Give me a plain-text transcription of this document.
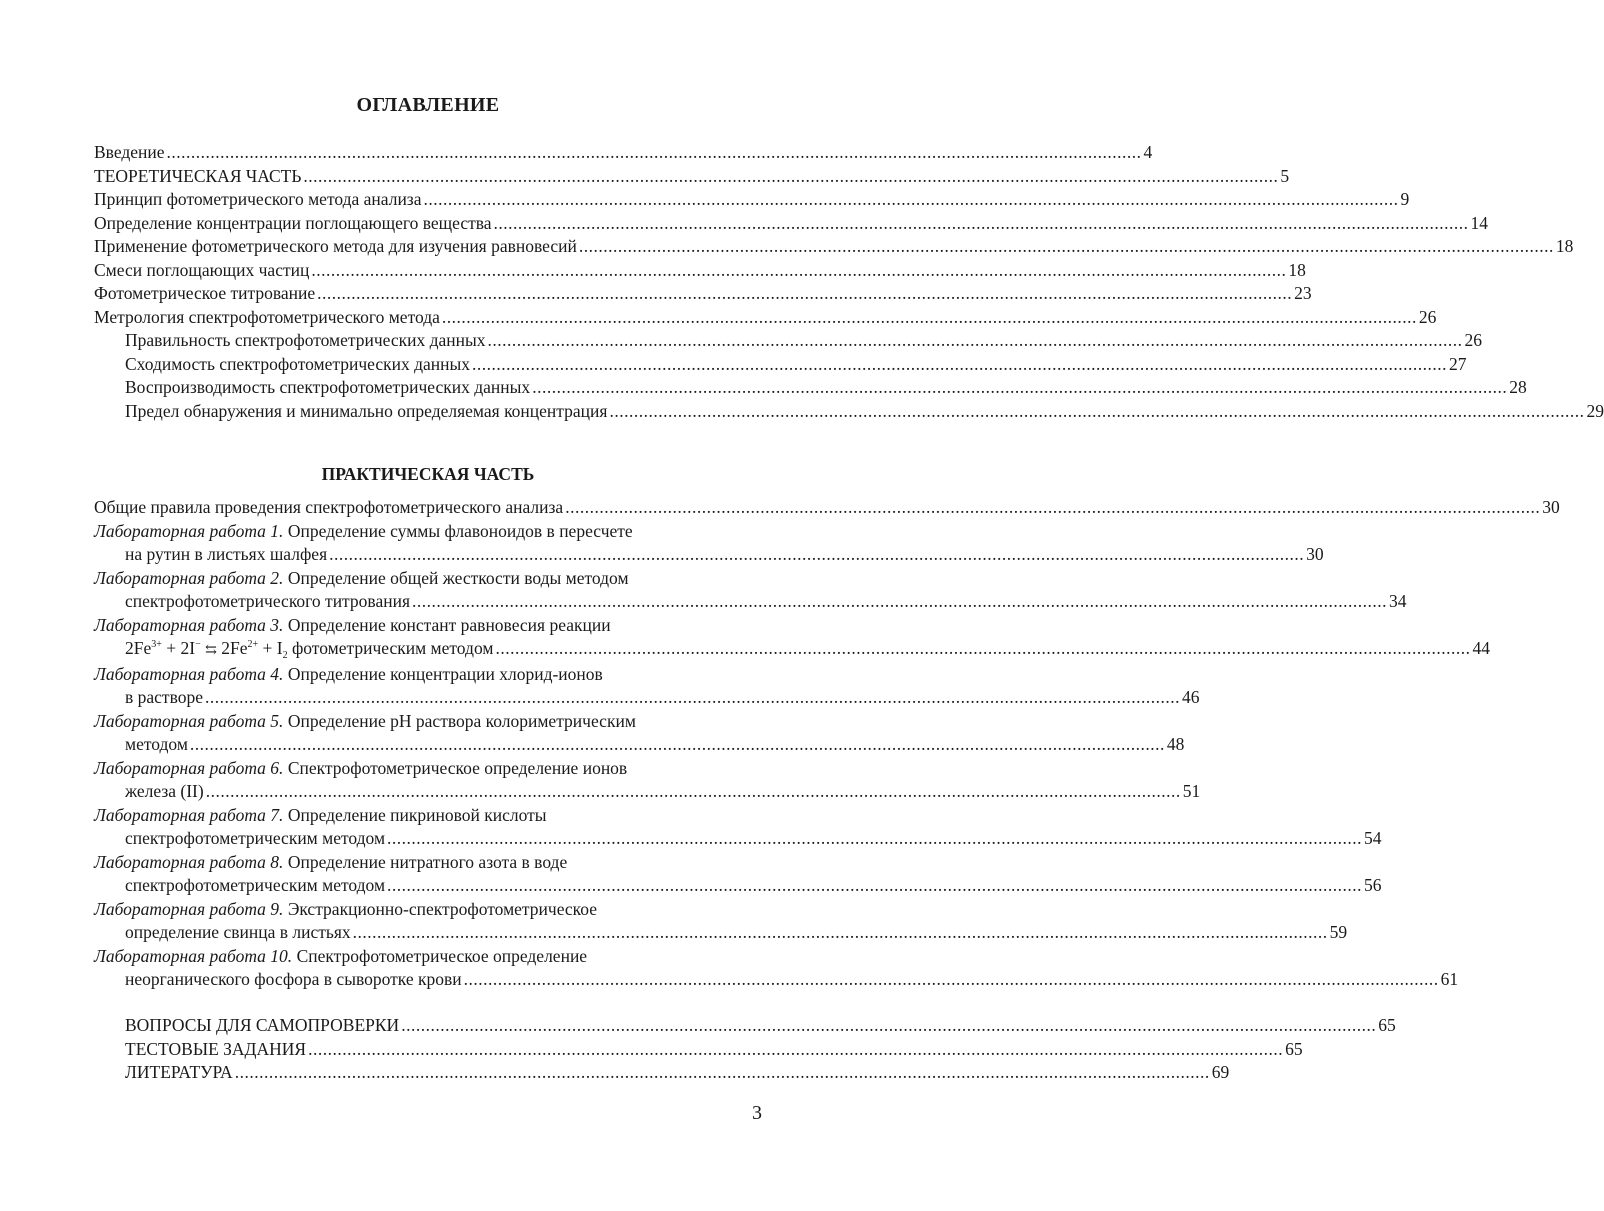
ОГЛАВЛЕНИЕ
Введение ........................................................................................................................................................................................................ 4
ТЕОРЕТИЧЕСКАЯ ЧАСТЬ ........................................................................................................................................................................................................ 5
Принцип фотометрического метода анализа ........................................................................................................................................................................................................ 9
Определение концентрации поглощающего вещества ........................................................................................................................................................................................................ 14
Применение фотометрического метода для изучения равновесий ........................................................................................................................................................................................................ 18
Смеси поглощающих частиц ........................................................................................................................................................................................................ 18
Фотометрическое титрование ........................................................................................................................................................................................................ 23
Метрология спектрофотометрического метода ........................................................................................................................................................................................................ 26
Правильность спектрофотометрических данных ........................................................................................................................................................................................................ 26
Сходимость спектрофотометрических данных ........................................................................................................................................................................................................ 27
Воспроизводимость спектрофотометрических данных ........................................................................................................................................................................................................ 28
Предел обнаружения и минимально определяемая концентрация ........................................................................................................................................................................................................ 29
ПРАКТИЧЕСКАЯ ЧАСТЬ
Общие правила проведения спектрофотометрического анализа ........................................................................................................................................................................................................ 30
Лабораторная работа 1. Определение суммы флавоноидов в пересчете
на рутин в листьях шалфея ........................................................................................................................................................................................................ 30
Лабораторная работа 2. Определение общей жесткости воды методом
спектрофотометрического титрования ........................................................................................................................................................................................................ 34
Лабораторная работа 3. Определение констант равновесия реакции
$2Fe^{3+} + 2I^-$ ⇆ $2Fe^{2+} + I_2$ фотометрическим методом ........................................................................................................................................................................................................ 44
Лабораторная работа 4. Определение концентрации хлорид-ионов
в растворе ........................................................................................................................................................................................................ 46
Лабораторная работа 5. Определение pH раствора колориметрическим
методом ........................................................................................................................................................................................................ 48
Лабораторная работа 6. Спектрофотометрическое определение ионов
железа (II) ........................................................................................................................................................................................................ 51
Лабораторная работа 7. Определение пикриновой кислоты
спектрофотометрическим методом ........................................................................................................................................................................................................ 54
Лабораторная работа 8. Определение нитратного азота в воде
спектрофотометрическим методом ........................................................................................................................................................................................................ 56
Лабораторная работа 9. Экстракционно-спектрофотометрическое
определение свинца в листьях ........................................................................................................................................................................................................ 59
Лабораторная работа 10. Спектрофотометрическое определение
неорганического фосфора в сыворотке крови ........................................................................................................................................................................................................ 61
ВОПРОСЫ ДЛЯ САМОПРОВЕРКИ ........................................................................................................................................................................................................ 65
ТЕСТОВЫЕ ЗАДАНИЯ ........................................................................................................................................................................................................ 65
ЛИТЕРАТУРА ........................................................................................................................................................................................................ 69
3
